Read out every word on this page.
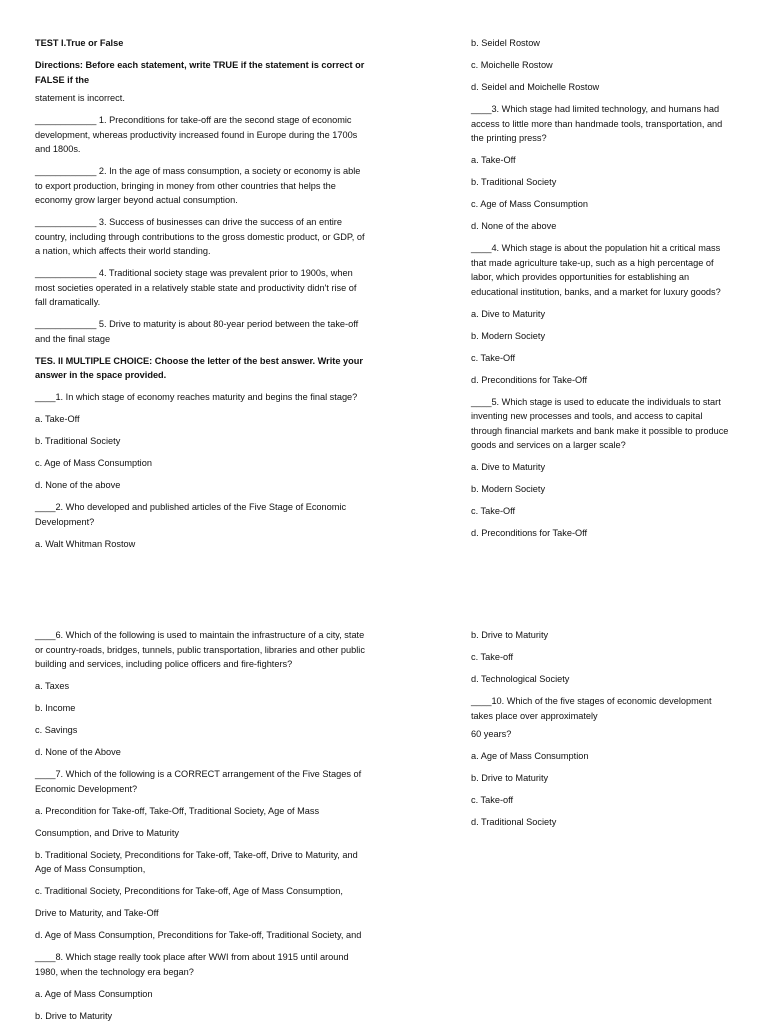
TEST I.True or False
Directions: Before each statement, write TRUE if the statement is correct or FALSE if the
statement is incorrect.
____________ 1. Preconditions for take-off are the second stage of economic development, whereas productivity increased found in Europe during the 1700s and 1800s.
____________ 2. In the age of mass consumption, a society or economy is able to export production, bringing in money from other countries that helps the economy grow larger beyond actual consumption.
____________ 3. Success of businesses can drive the success of an entire country, including through contributions to the gross domestic product, or GDP, of a nation, which affects their world standing.
____________ 4. Traditional society stage was prevalent prior to 1900s, when most societies operated in a relatively stable state and productivity didn't rise of fall dramatically.
____________ 5. Drive to maturity is about 80-year period between the take-off and the final stage
TES. II MULTIPLE CHOICE: Choose the letter of the best answer. Write your answer in the space provided.
____1. In which stage of economy reaches maturity and begins the final stage?
a. Take-Off
b. Traditional Society
c. Age of Mass Consumption
d. None of the above
____2. Who developed and published articles of the Five Stage of Economic Development?
a. Walt Whitman Rostow
b. Seidel Rostow
c. Moichelle Rostow
d. Seidel and Moichelle Rostow
____3. Which stage had limited technology, and humans had access to little more than handmade tools, transportation, and the printing press?
a. Take-Off
b. Traditional Society
c. Age of Mass Consumption
d. None of the above
____4. Which stage is about the population hit a critical mass that made agriculture take-up, such as a high percentage of labor, which provides opportunities for establishing an educational institution, banks, and a market for luxury goods?
a. Dive to Maturity
b. Modern Society
c. Take-Off
d. Preconditions for Take-Off
____5. Which stage is used to educate the individuals to start inventing new processes and tools, and access to capital through financial markets and bank make it possible to produce goods and services on a larger scale?
a. Dive to Maturity
b. Modern Society
c. Take-Off
d. Preconditions for Take-Off
____6. Which of the following is used to maintain the infrastructure of a city, state or country-roads, bridges, tunnels, public transportation, libraries and other public building and services, including police officers and fire-fighters?
a. Taxes
b. Income
c. Savings
d. None of the Above
____7. Which of the following is a CORRECT arrangement of the Five Stages of Economic Development?
a. Precondition for Take-off, Take-Off, Traditional Society, Age of Mass
Consumption, and Drive to Maturity
b. Traditional Society, Preconditions for Take-off, Take-off, Drive to Maturity, and Age of Mass Consumption,
c. Traditional Society, Preconditions for Take-off, Age of Mass Consumption,
Drive to Maturity, and Take-Off
d. Age of Mass Consumption, Preconditions for Take-off, Traditional Society, and
____8. Which stage really took place after WWI from about 1915 until around 1980, when the technology era began?
a. Age of Mass Consumption
b. Drive to Maturity
b. Drive to Maturity
c. Take-off
d. Technological Society
____10. Which of the five stages of economic development takes place over approximately
60 years?
a. Age of Mass Consumption
b. Drive to Maturity
c. Take-off
d. Traditional Society
